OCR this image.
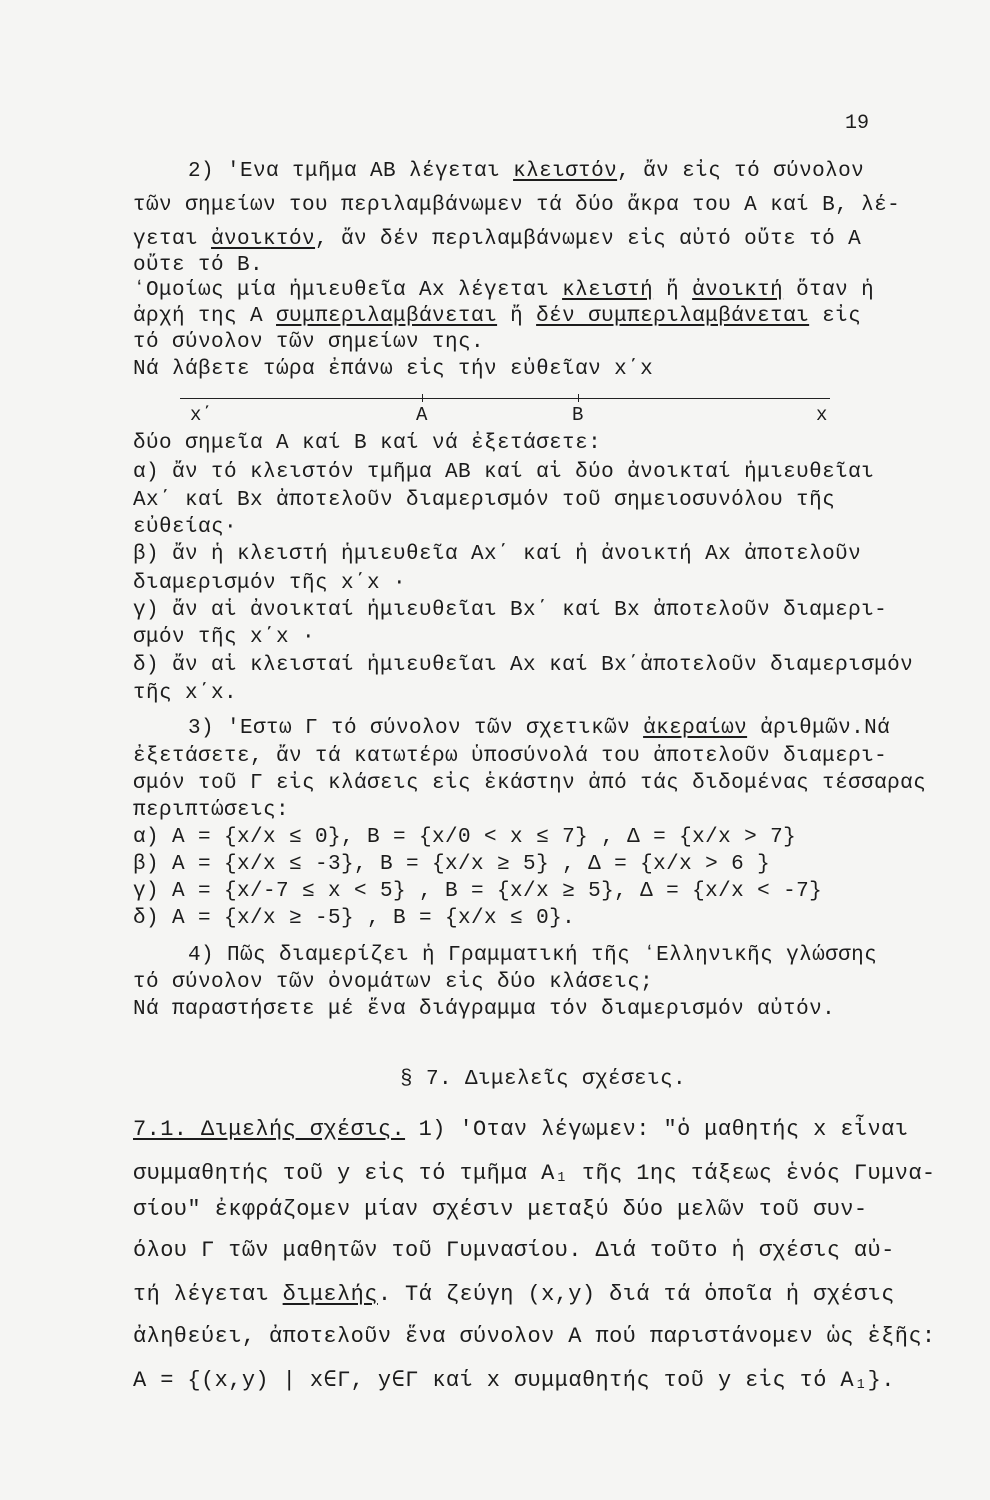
19
2) ʹΕνα τμῆμα ΑΒ λέγεται κλειστόν, ἄν εἰς τό σύνολον
τῶν σημείων του περιλαμβάνωμεν τά δύο ἄκρα του Α καί Β, λέ-
γεται ἀνοικτόν, ἄν δέν περιλαμβάνωμεν εἰς αὐτό οὔτε τό Α
οὔτε τό Β.
ʻΟμοίως μία ἡμιευθεῖα Αx λέγεται κλειστή ἤ ἀνοικτή ὅταν ἡ
ἀρχή της Α συμπεριλαμβάνεται ἤ δέν συμπεριλαμβάνεται εἰς
τό σύνολον τῶν σημείων της.
Νά λάβετε τώρα ἐπάνω εἰς τήν εὐθεῖαν x΄x
x΄	Α	Β	x
δύο σημεῖα Α καί Β καί νά ἐξετάσετε:
α) ἄν τό κλειστόν τμῆμα ΑΒ καί αἱ δύο ἀνοικταί ἡμιευθεῖαι
Αx΄ καί Βx ἀποτελοῦν διαμερισμόν τοῦ σημειοσυνόλου τῆς
εὐθείας·
β) ἄν ἡ κλειστή ἡμιευθεῖα Αx΄ καί ἡ ἀνοικτή Αx ἀποτελοῦν
διαμερισμόν τῆς x΄x ·
γ) ἄν αἱ ἀνοικταί ἡμιευθεῖαι Βx΄ καί Βx ἀποτελοῦν διαμερι-
σμόν τῆς x΄x ·
δ) ἄν αἱ κλεισταί ἡμιευθεῖαι Αx καί Βx΄ἀποτελοῦν διαμερισμόν
τῆς x΄x.
3) ʹΕστω Γ τό σύνολον τῶν σχετικῶν ἀκεραίων ἀριθμῶν.Νά
ἐξετάσετε, ἄν τά κατωτέρω ὑποσύνολά του ἀποτελοῦν διαμερι-
σμόν τοῦ Γ εἰς κλάσεις εἰς ἑκάστην ἀπό τάς διδομένας τέσσαρας
περιπτώσεις:
α) Α = {x/x ≤ 0}, Β = {x/0 < x ≤ 7} , Δ = {x/x > 7}
β) Α = {x/x ≤ -3}, Β = {x/x ≥ 5} , Δ = {x/x > 6 }
γ) Α = {x/-7 ≤ x < 5} , Β = {x/x ≥ 5}, Δ = {x/x < -7}
δ) Α = {x/x ≥ -5} , Β = {x/x ≤ 0}.
4) Πῶς διαμερίζει ἡ Γραμματική τῆς ʻΕλληνικῆς γλώσσης
τό σύνολον τῶν ὀνομάτων εἰς δύο κλάσεις;
Νά παραστήσετε μέ ἕνα διάγραμμα τόν διαμερισμόν αὐτόν.
§ 7. Διμελεῖς σχέσεις.
7.1. Διμελής σχέσις. 1) ʹΟταν λέγωμεν: "ὁ μαθητής x εἶναι
συμμαθητής τοῦ y εἰς τό τμῆμα Α₁ τῆς 1ης τάξεως ἑνός Γυμνα-
σίου" ἐκφράζομεν μίαν σχέσιν μεταξύ δύο μελῶν τοῦ συν-
όλου Γ τῶν μαθητῶν τοῦ Γυμνασίου. Διά τοῦτο ἡ σχέσις αὐ-
τή λέγεται διμελής. Τά ζεύγη (x,y) διά τά ὁποῖα ἡ σχέσις
ἀληθεύει, ἀποτελοῦν ἕνα σύνολον Α πού παριστάνομεν ὡς ἑξῆς:
Α = {(x,y) | x∈Γ, y∈Γ καί x συμμαθητής τοῦ y εἰς τό Α₁}.
